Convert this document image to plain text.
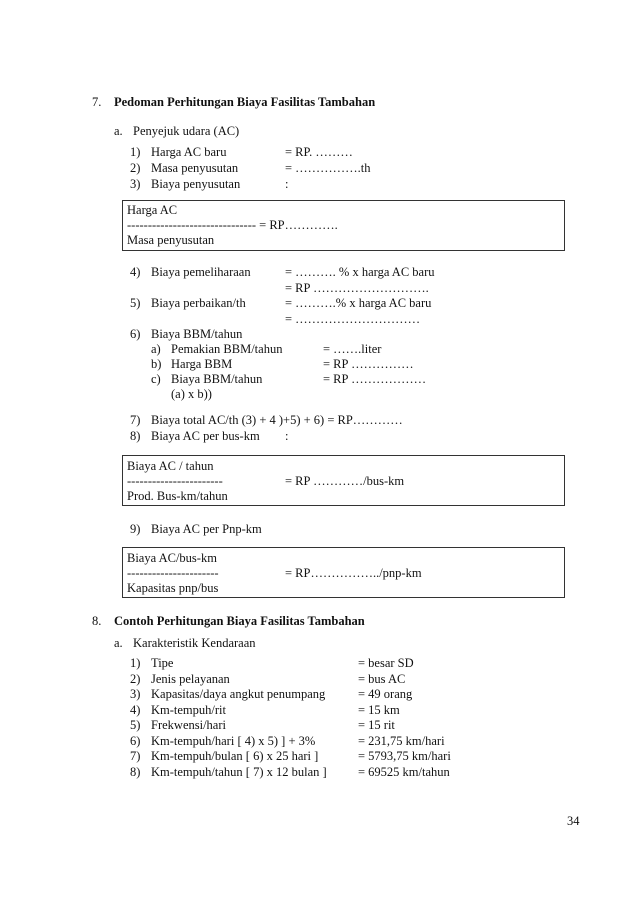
7. Pedoman Perhitungan Biaya Fasilitas Tambahan
a. Penyejuk udara (AC)
1) Harga AC baru	= RP. ………
2) Masa penyusutan	= …………….th
3) Biaya penyusutan	:
Harga AC
------------------------------- = RP………….
Masa penyusutan
4) Biaya pemeliharaan	= ………. % x harga AC baru
= RP ……………………….
5) Biaya perbaikan/th	= ……….% x harga AC baru
= …………………………
6) Biaya BBM/tahun
a) Pemakian BBM/tahun	= …….liter
b) Harga BBM	= RP ……………
c) Biaya BBM/tahun	= RP ………………
(a) x b))
7) Biaya total AC/th (3) + 4 )+5) + 6) = RP…………
8) Biaya AC per bus-km :
Biaya AC / tahun
-----------------------	= RP …………/bus-km
Prod. Bus-km/tahun
9) Biaya AC per Pnp-km
Biaya AC/bus-km
----------------------	= RP……………../pnp-km
Kapasitas pnp/bus
8. Contoh Perhitungan Biaya Fasilitas Tambahan
a. Karakteristik Kendaraan
1) Tipe	= besar SD
2) Jenis pelayanan	= bus AC
3) Kapasitas/daya angkut penumpang	= 49 orang
4) Km-tempuh/rit	= 15 km
5) Frekwensi/hari	= 15 rit
6) Km-tempuh/hari [ 4) x 5) ] + 3%	= 231,75 km/hari
7) Km-tempuh/bulan [ 6) x 25 hari ]	= 5793,75 km/hari
8) Km-tempuh/tahun [ 7) x 12 bulan ]	= 69525 km/tahun
34
